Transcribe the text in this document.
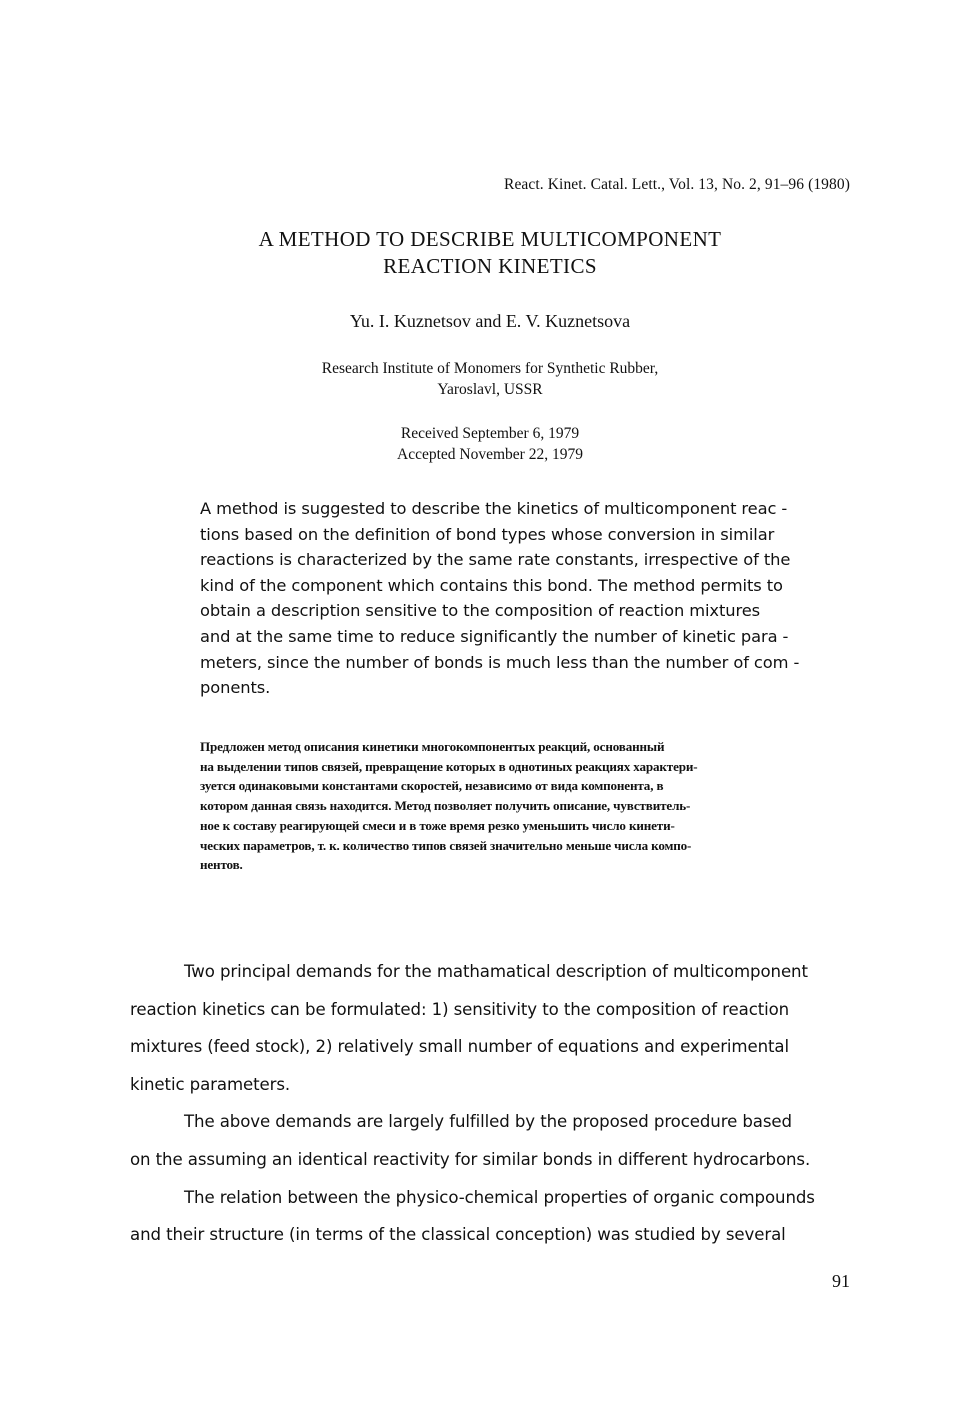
React. Kinet. Catal. Lett., Vol. 13, No. 2, 91–96 (1980)
A METHOD TO DESCRIBE MULTICOMPONENT
REACTION KINETICS
Yu. I. Kuznetsov and E. V. Kuznetsova
Research Institute of Monomers for Synthetic Rubber,
Yaroslavl, USSR
Received September 6, 1979
Accepted November 22, 1979
A method is suggested to describe the kinetics of multicomponent reac -
tions based on the definition of bond types whose conversion in similar
reactions is characterized by the same rate constants, irrespective of the
kind of the component which contains this bond. The method permits to
obtain a description sensitive to the composition of reaction mixtures
and at the same time to reduce significantly the number of kinetic para -
meters, since the number of bonds is much less than the number of com -
ponents.
Предложен метод описания кинетики многокомпонентых реакций, основанный
на выделении типов связей, превращение которых в однотиных реакциях характери-
зуется одинаковыми константами скоростей, независимо от вида компонента, в
котором данная связь находится. Метод позволяет получить описание, чувствитель-
ное к составу реагирующей смеси и в тоже время резко уменьшить число кинети-
ческих параметров, т. к. количество типов связей значительно меньше числа компо-
нентов.
Two principal demands for the mathamatical description of multicomponent
reaction kinetics can be formulated: 1) sensitivity to the composition of reaction
mixtures (feed stock), 2) relatively small number of equations and experimental
kinetic parameters.
The above demands are largely fulfilled by the proposed procedure based
on the assuming an identical reactivity for similar bonds in different hydrocarbons.
The relation between the physico-chemical properties of organic compounds
and their structure (in terms of the classical conception) was studied by several
91
